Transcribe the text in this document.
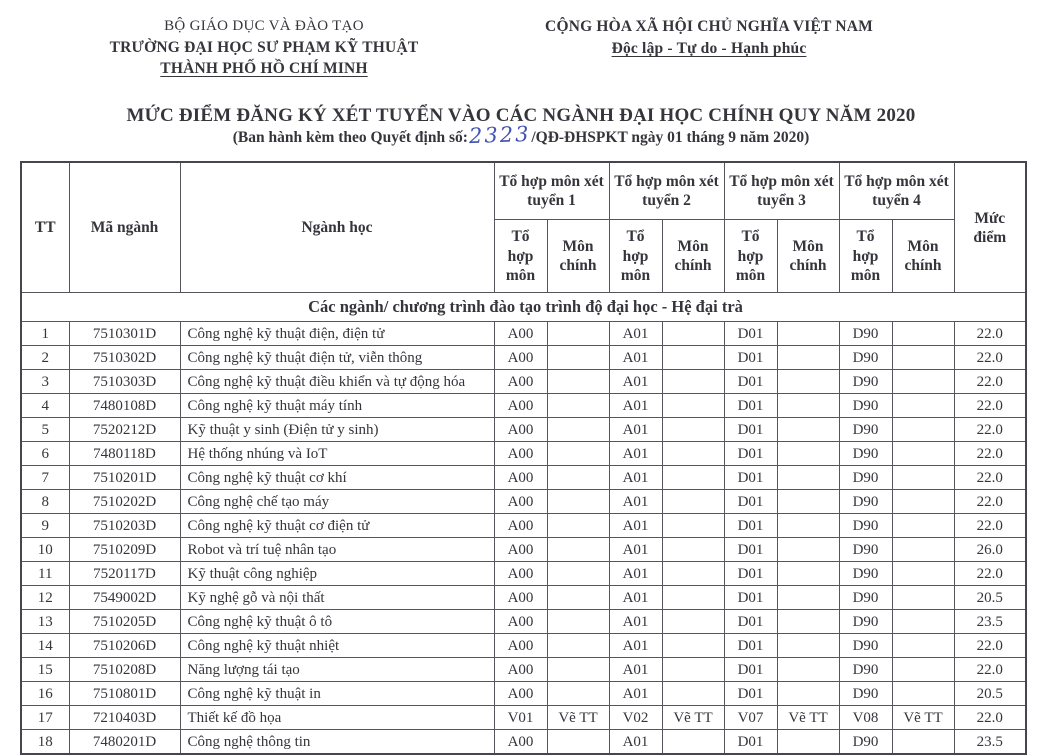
BỘ GIÁO DỤC VÀ ĐÀO TẠO
TRƯỜNG ĐẠI HỌC SƯ PHẠM KỸ THUẬT
THÀNH PHỐ HỒ CHÍ MINH
CỘNG HÒA XÃ HỘI CHỦ NGHĨA VIỆT NAM
Độc lập - Tự do - Hạnh phúc
MỨC ĐIỂM ĐĂNG KÝ XÉT TUYỂN VÀO CÁC NGÀNH ĐẠI HỌC CHÍNH QUY NĂM 2020
(Ban hành kèm theo Quyết định số:2323/QĐ-ĐHSPKT ngày 01 tháng 9 năm 2020)
TT	Mã ngành	Ngành học	Tổ hợp môn xét tuyển 1		Tổ hợp môn xét tuyển 2		Tổ hợp môn xét tuyển 3		Tổ hợp môn xét tuyển 4		Mức điểm
			Tổ hợp môn	Môn chính	Tổ hợp môn	Môn chính	Tổ hợp môn	Môn chính	Tổ hợp môn	Môn chính	
Các ngành/ chương trình đào tạo trình độ đại học - Hệ đại trà											
1	7510301D	Công nghệ kỹ thuật điện, điện tử	A00		A01		D01		D90		22.0
2	7510302D	Công nghệ kỹ thuật điện tử, viễn thông	A00		A01		D01		D90		22.0
3	7510303D	Công nghệ kỹ thuật điều khiển và tự động hóa	A00		A01		D01		D90		22.0
4	7480108D	Công nghệ kỹ thuật máy tính	A00		A01		D01		D90		22.0
5	7520212D	Kỹ thuật y sinh (Điện tử y sinh)	A00		A01		D01		D90		22.0
6	7480118D	Hệ thống nhúng và IoT	A00		A01		D01		D90		22.0
7	7510201D	Công nghệ kỹ thuật cơ khí	A00		A01		D01		D90		22.0
8	7510202D	Công nghệ chế tạo máy	A00		A01		D01		D90		22.0
9	7510203D	Công nghệ kỹ thuật cơ điện tử	A00		A01		D01		D90		22.0
10	7510209D	Robot và trí tuệ nhân tạo	A00		A01		D01		D90		26.0
11	7520117D	Kỹ thuật công nghiệp	A00		A01		D01		D90		22.0
12	7549002D	Kỹ nghệ gỗ và nội thất	A00		A01		D01		D90		20.5
13	7510205D	Công nghệ kỹ thuật ô tô	A00		A01		D01		D90		23.5
14	7510206D	Công nghệ kỹ thuật nhiệt	A00		A01		D01		D90		22.0
15	7510208D	Năng lượng tái tạo	A00		A01		D01		D90		22.0
16	7510801D	Công nghệ kỹ thuật in	A00		A01		D01		D90		20.5
17	7210403D	Thiết kế đồ họa	V01	Vẽ TT	V02	Vẽ TT	V07	Vẽ TT	V08	Vẽ TT	22.0
18	7480201D	Công nghệ thông tin	A00		A01		D01		D90		23.5
